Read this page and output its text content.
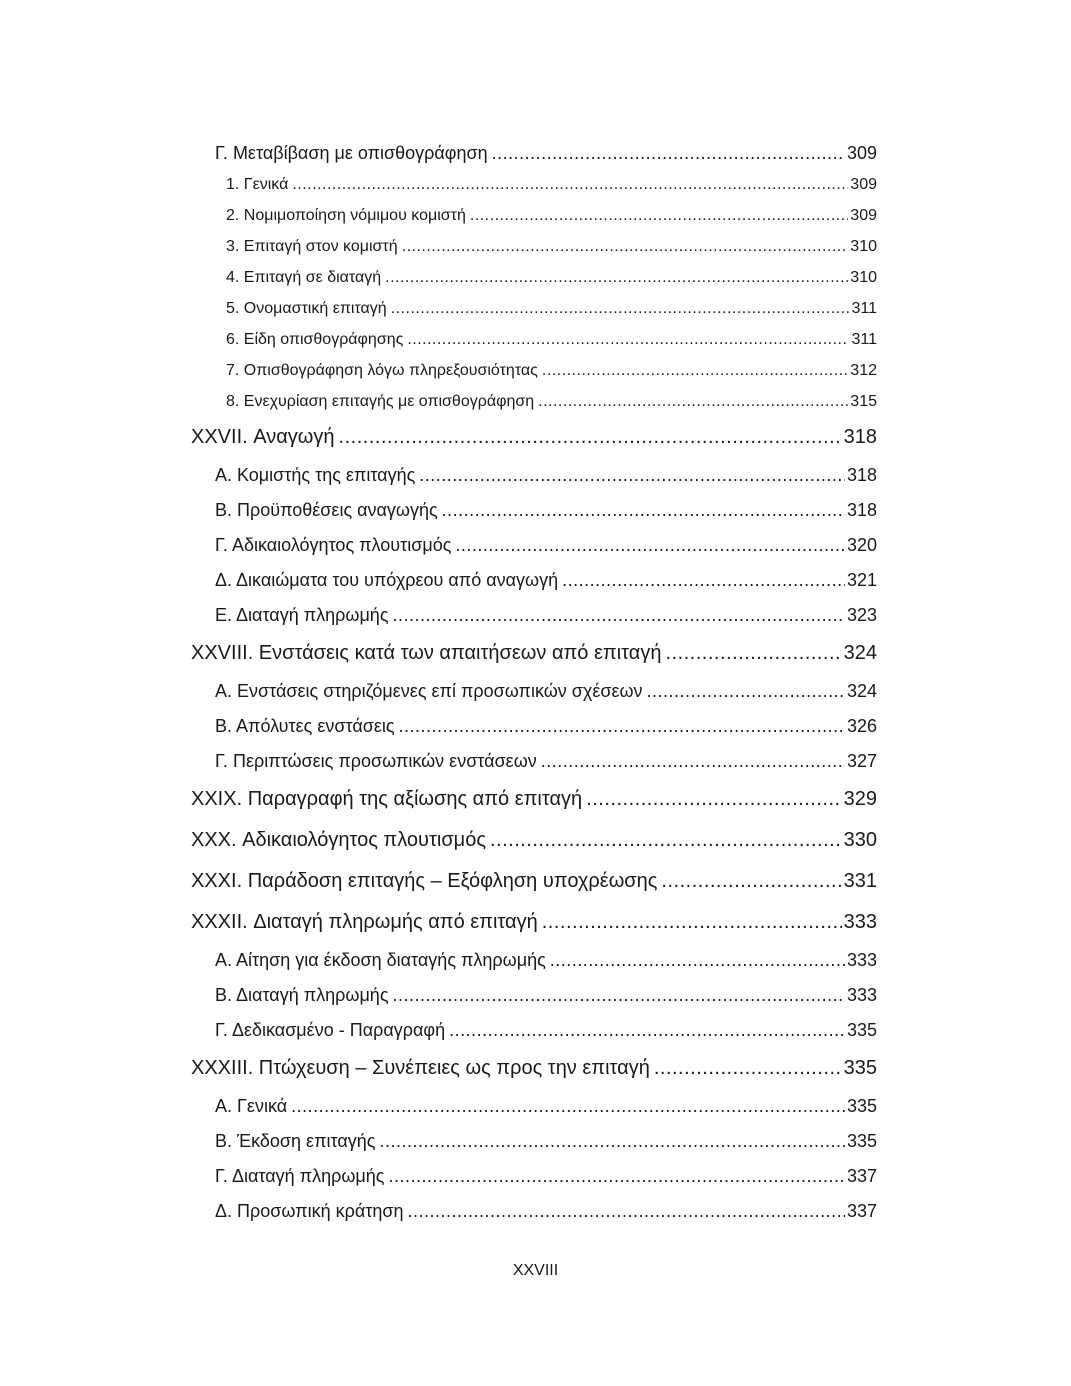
Γ. Μεταβίβαση με οπισθογράφηση .....	309
1. Γενικά .....	309
2. Νομιμοποίηση νόμιμου κομιστή .....	309
3. Επιταγή στον κομιστή .....	310
4. Επιταγή σε διαταγή .....	310
5. Ονομαστική επιταγή .....	311
6. Είδη οπισθογράφησης .....	311
7. Οπισθογράφηση λόγω πληρεξουσιότητας .....	312
8. Ενεχυρίαση επιταγής με οπισθογράφηση .....	315
XXVII. Αναγωγή .....	318
Α. Κομιστής της επιταγής .....	318
Β. Προϋποθέσεις αναγωγής .....	318
Γ. Αδικαιολόγητος πλουτισμός .....	320
Δ. Δικαιώματα του υπόχρεου από αναγωγή .....	321
Ε. Διαταγή πληρωμής .....	323
XXVIII. Ενστάσεις κατά των απαιτήσεων από επιταγή .....	324
Α. Ενστάσεις στηριζόμενες επί προσωπικών σχέσεων .....	324
Β. Απόλυτες ενστάσεις .....	326
Γ. Περιπτώσεις προσωπικών ενστάσεων .....	327
XXIX. Παραγραφή της αξίωσης από επιταγή .....	329
XXX. Αδικαιολόγητος πλουτισμός .....	330
XXXI. Παράδοση επιταγής – Εξόφληση υποχρέωσης .....	331
XXXII. Διαταγή πληρωμής από επιταγή .....	333
Α. Αίτηση για έκδοση διαταγής πληρωμής .....	333
Β. Διαταγή πληρωμής .....	333
Γ. Δεδικασμένο - Παραγραφή .....	335
XXXIII. Πτώχευση – Συνέπειες ως προς την επιταγή .....	335
Α. Γενικά .....	335
Β. Έκδοση επιταγής .....	335
Γ. Διαταγή πληρωμής .....	337
Δ. Προσωπική κράτηση .....	337
XXVIII
